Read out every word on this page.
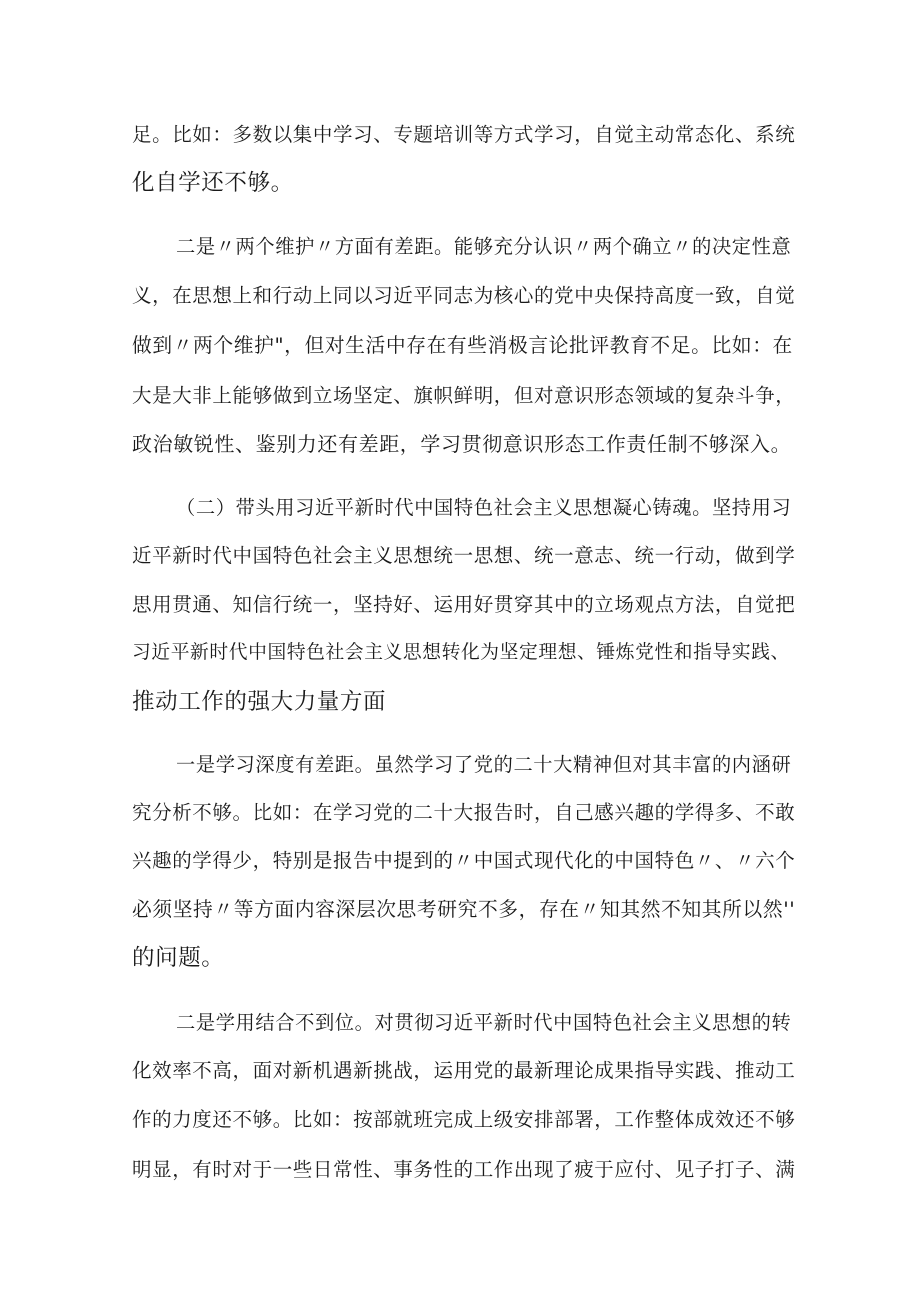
足。比如：多数以集中学习、专题培训等方式学习，自觉主动常态化、系统
化自学还不够。
二是〃两个维护〃方面有差距。能够充分认识〃两个确立〃的决定性意
义，在思想上和行动上同以习近平同志为核心的党中央保持高度一致，自觉
做到〃两个维护"，但对生活中存在有些消极言论批评教育不足。比如：在
大是大非上能够做到立场坚定、旗帜鲜明，但对意识形态领域的复杂斗争，
政治敏锐性、鉴别力还有差距，学习贯彻意识形态工作责任制不够深入。
（二）带头用习近平新时代中国特色社会主义思想凝心铸魂。坚持用习
近平新时代中国特色社会主义思想统一思想、统一意志、统一行动，做到学
思用贯通、知信行统一，坚持好、运用好贯穿其中的立场观点方法，自觉把
习近平新时代中国特色社会主义思想转化为坚定理想、锤炼党性和指导实践、
推动工作的强大力量方面
一是学习深度有差距。虽然学习了党的二十大精神但对其丰富的内涵研
究分析不够。比如：在学习党的二十大报告时，自己感兴趣的学得多、不敢
兴趣的学得少，特别是报告中提到的〃中国式现代化的中国特色〃、〃六个
必须坚持〃等方面内容深层次思考研究不多，存在〃知其然不知其所以然''
的问题。
二是学用结合不到位。对贯彻习近平新时代中国特色社会主义思想的转
化效率不高，面对新机遇新挑战，运用党的最新理论成果指导实践、推动工
作的力度还不够。比如：按部就班完成上级安排部署，工作整体成效还不够
明显，有时对于一些日常性、事务性的工作出现了疲于应付、见子打子、满
